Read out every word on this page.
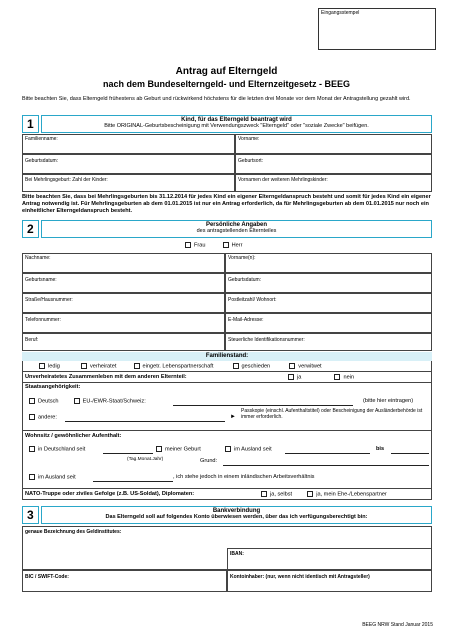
Eingangsstempel
Antrag auf Elterngeld
nach dem Bundeselterngeld- und Elternzeitgesetz - BEEG
Bitte beachten Sie, dass Elterngeld frühestens ab Geburt und rückwirkend höchstens für die letzten drei Monate vor dem Monat der Antragstellung gezahlt wird.
1	Kind, für das Elterngeld beantragt wird
Bitte ORIGINAL-Geburtsbescheinigung mit Verwendungszweck "Elterngeld" oder "soziale Zwecke" beifügen.
Familienname:	Vorname:
Geburtsdatum:	Geburtsort:
Bei Mehrlingsgeburt: Zahl der Kinder:	Vornamen der weiteren Mehrlingskinder:
Bitte beachten Sie, dass bei Mehrlingsgeburten bis 31.12.2014 für jedes Kind ein eigener Elterngeldanspruch besteht und somit für jedes Kind ein eigener Antrag notwendig ist. Für Mehrlingsgeburten ab dem 01.01.2015 ist nur ein Antrag erforderlich, da für Mehrlingsgeburten ab dem 01.01.2015 nur noch ein einheitlicher Elterngeldanspruch besteht.
2	Persönliche Angaben
des antragstellenden Elternteiles
Frau	Herr
Nachname:	Vorname(n):
Geburtsname:	Geburtsdatum:
Straße/Hausnummer:	Postleitzahl/ Wohnort:
Telefonnummer:	E-Mail-Adresse:
Beruf:	Steuerliche Identifikationsnummer:
Familienstand:
ledig	verheiratet	eingetr. Lebenspartnerschaft	geschieden	verwitwet
Unverheiratetes Zusammenleben mit dem anderen Elternteil:	ja	nein
Staatsangehörigkeit:
Deutsch	EU-/EWR-Staat/Schweiz:	(bitte hier eintragen)
andere:	►
Passkopie (einschl. Aufenthaltstitel) oder Bescheinigung der Ausländerbehörde ist immer erforderlich.
Wohnsitz / gewöhnlicher Aufenthalt:
in Deutschland seit	meiner Geburt	im Ausland seit	bis
(Tag.Monat.Jahr)	Grund:
im Ausland seit	, ich stehe jedoch in einem inländischen Arbeitsverhältnis
NATO-Truppe oder ziviles Gefolge (z.B. US-Soldat), Diplomaten:	ja, selbst	ja, mein Ehe-/Lebenspartner
3	Bankverbindung
Das Elterngeld soll auf folgendes Konto überwiesen werden, über das ich verfügungsberechtigt bin:
genaue Bezeichnung des Geldinstitutes:
IBAN:
BIC / SWIFT-Code:	Kontoinhaber: (nur, wenn nicht identisch mit Antragsteller)
BEEG NRW Stand Januar 2015
